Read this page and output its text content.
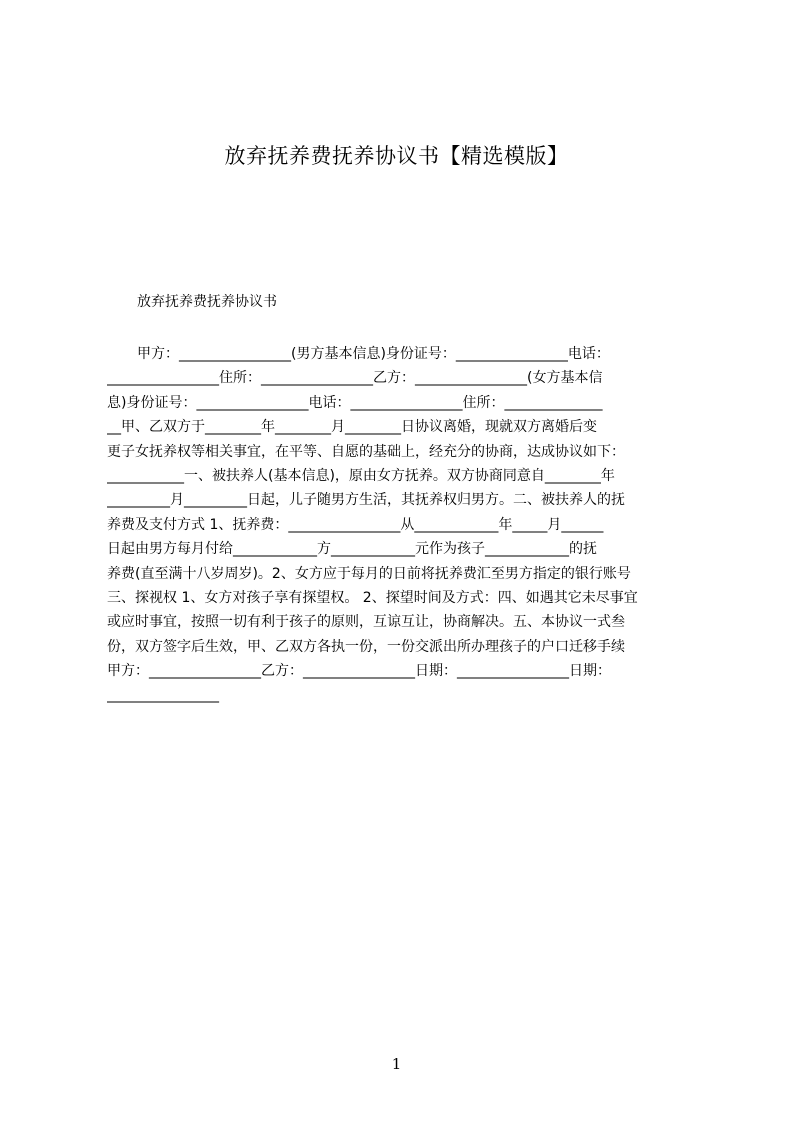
放弃抚养费抚养协议书【精选模版】
放弃抚养费抚养协议书
甲方：________________(男方基本信息)身份证号：________________电话：
________________住所：________________乙方：________________(女方基本信
息)身份证号：________________电话：________________住所：______________
__甲、乙双方于________年________月________日协议离婚，现就双方离婚后变
更子女抚养权等相关事宜，在平等、自愿的基础上，经充分的协商，达成协议如下：
___________一、被扶养人(基本信息)，原由女方抚养。双方协商同意自________年
_________月_________日起，儿子随男方生活，其抚养权归男方。二、被扶养人的抚
养费及支付方式 1、抚养费：________________从____________年_____月______
日起由男方每月付给____________方____________元作为孩子____________的抚
养费(直至满十八岁周岁)。2、女方应于每月的日前将抚养费汇至男方指定的银行账号
三、探视权 1、女方对孩子享有探望权。 2、探望时间及方式：四、如遇其它未尽事宜
或应时事宜，按照一切有利于孩子的原则，互谅互让，协商解决。五、本协议一式叁
份，双方签字后生效，甲、乙双方各执一份，一份交派出所办理孩子的户口迁移手续
甲方：________________乙方：________________日期：________________日期：
________________
1
